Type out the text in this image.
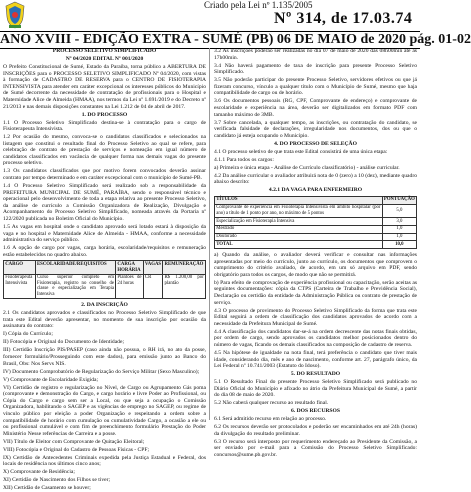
Criado pela Lei nº 1.135/2005
Nº 314, de 17.03.74
ANO XVIII - EDIÇÃO EXTRA - SUMÉ (PB) 06 DE MAIO de 2020 pág. 01-02

PROCESSO SELETIVO SIMPLIFICADO

Nº 04/2020 EDITAL Nº 001/2020

O Prefeito Constitucional de Sumé, Estado da Paraíba, torna público a ABERTURA DE INSCRIÇÕES para o PROCESSO SELETIVO SIMPLIFICADO Nº 04/2020, com vistas à formação de CADASTRO DE RESERVA para o CENTRO DE FISIOTERAPIA INTENSIVISTA para atender em caráter excepcional os interesses públicos do Município de Sumé decorrente da necessidade de contratação de profissionais para o Hospital e Maternidade Alice de Almeida (HMAA), nos termos da Lei nº 1.691/2019 e do Decreto nº 21/2013 e nas demais disposições constantes na Lei 1.212 de 04 de abril de 2017.

1. DO PROCESSO

1.1 O Processo Seletivo Simplificado destina-se à contratação para o cargo de Fisioterapeuta Intensivista.

1.2 Por ocasião do mesmo, convoca-se o candidatos classificados e selecionados na listagem que constitui o resultado final do Processo Seletivo ao qual se refere, para celebração de contrato de prestação de serviços e nomeação em igual número de candidatos classificados em vacância de qualquer forma nas demais vagas do presente processo seletivo.

1.3 Os candidatos classificados que por motivo forem convocados deverão assinar contrato por tempo determinado e em caráter excepcional com o município de Sumé-PB.

1.4 O Processo Seletivo Simplificado será realizado sob a responsabilidade da PREFEITURA MUNICIPAL DE SUMÉ, PARAÍBA, sendo o responsável técnico e operacional pelo desenvolvimento de toda a etapa relativa ao presente Processo Seletivo, da análise de currículo a Comissão Organizadora de Realização, Divulgação e Acompanhamento do Processo Seletivo Simplificado, nomeada através da Portaria nº 122/2020 publicada no Boletim Oficial do Município.

1.5 As vagas em hospital onde o candidato aprovado será lotado estará à disposição da vaga e no hospital e Maternidade Alice de Almeida - HMAA, conforme a necessidade administrativa do serviço público.

1.6 A opção de cargo por vagas, carga horária, escolaridade/requisitos e remuneração estão estabelecidos no quadro abaixo.

CARGO	ESCOLARIDADE/REQUISITOS	CARGA HORÁRIA	VAGAS	REMUNERAÇÃO
Fisioterapeuta Intensivista	Curso superior completo em Fisioterapia, registro no conselho de classe e especialização em Terapia Intensiva	Plantões de 24 horas	CR	R$ 1.200,00 por plantão

2. DA INSCRIÇÃO

2.1 Os candidatos aprovados e classificados no Processo Seletivo Simplificado de que trata este Edital deverão apresentar, no momento de sua inscrição por ocasião da assinatura do contrato:

I) Cópia do Currículo;

II) Fotocópia e Original do Documento de Identidade;

III) Certidão Inscrição PIS/PASEP (caso ainda não possua, o RH irá, no ato da posse, fornecer formulário/Prosseguindo com este dados), para emissão junto ao Banco do Brasil, Obs: Nos Servs NIS.

IV) Documento Comprobatório de Regularização do Serviço Militar (Sexo Masculino);

V) Comprovante de Escolaridade Exigida;

VI) Certidão de registro e regularização no Nível, de Cargo ou Agrupamento Gás poma (comprovante e demonstração do Cargo, e cargo horário e livre Poder ao Profissional, ou Cópia do Cargo e cargo sem ser a Local, ou que seja a ocupação o Comissão Organizadora, habilitando o SAGEP e as vigências de emprego no SAGEP, ou regime de vínculo público por eleição a poder Organização e respeitando a ordem sobre a compatibilidade de horário com cumulação ou cumulatividade Cargo, a ocasião a ele ou ou profissional cumulável e com fim de preenchimento formulário Prestação do Poder Ministério Nesse referências de Carreira e a posse.

VII) Título de Eleitor com Comprovante de Quitação Eleitoral;

VIII) Fotocópia e Original do Cadastro de Pessoas Físicas - CPF;

IX) Certidão de Antecedentes Criminais expedida pela Justiça Estadual e Federal, dos locais de residência nos últimos cinco anos;

X) Comprovante de Residência;

XI) Certidão de Nascimento dos Filhos se tiver;

XII) Certidão de Casamento se houver;

3.2 As inscrições poderão ser realizadas no dia 07 de maio de 2020 das 08h00min até às 17h00min.

3.4 Não haverá pagamento de taxa de inscrição para presente Processo Seletivo Simplificado.

3.5 Não poderão participar do presente Processo Seletivo, servidores efetivos ou que já fizeram concurso, vínculo a qualquer título com o Município de Sumé, mesmo que haja compatibilidade de cargo ou de horário.

3.6 Os documentos pessoais (RG, CPF, Comprovante de endereço) e comprovante de escolaridade e experiência na área, deverão ser digitalizados em formato PDF com tamanho máximo de 3MB.

3.7 Sobre cancelada, a qualquer tempo, as inscrições, ou contratação do candidato, se verificada falsidade de declarações, irregularidade nos documentos, dos ou que o candidato já esteja ocupando o Município.

4. DO PROCESSO DE SELEÇÃO

4.1 O processo seletivo de que trata este Edital consistirá de uma única etapa:

4.1.1 Para todos os cargos:

a) Primeira e única etapa - Análise de Currículo classificatório) - análise curricular.

4.2 Da análise curricular o avaliador atribuirá nota de 0 (zero) a 10 (dez), mediante quadro abaixo descrito:

4.2.1 DA VAGA PARA ENFERMEIRO

TÍTULOS	PONTUAÇÃO
Comprovante de experiência em Fisioterapia Intensivista em âmbito hospitalar (por ano) a título de 1 ponto por ano, no máximo de 5 pontos	5,0
Especialização em Fisioterapia Intensiva	3,0
Mestrado	1,0
Doutorado	1,0
TOTAL	10,0

a) Quando da análise, o avaliador deverá verificar e consultar nas informações apresentadas por meio do currículo, junto ao currículo, os documentos que comprovem o cumprimento do critério avaliado, de acordo, em um só arquivo em PDF, sendo obrigatório para todos os cargos, de modo que não se permitirá.

b) Para efeito de comprovação de experiência profissional ou capacitação, serão aceitas as seguintes documentações: cópia da CTPS (Carteira de Trabalho e Previdência Social), Declaração ou certidão da entidade da Administração Pública ou contrato de prestação de serviço.

4.3 O processo de provimento do Processo Seletivo Simplificado da forma que trata este Edital seguirá a ordem de classificação dos candidatos aprovados de acordo com a necessidade da Prefeitura Municipal de Sumé.

4.4 A classificação dos candidatos dar-se-á na ordem decrescente das notas finais obtidas, por ordem de cargo, sendo aprovados os candidatos melhor posicionados dentro do número de vagas, ficando os demais classificados na composição de cadastro de reserva.

4.5 Na hipótese de igualdade na nota final, terá preferência o candidato que tiver mais idade, considerando dia, mês e ano de nascimento, conforme art. 27, parágrafo único, da Lei Federal nº 10.741/2003 (Estatuto do Idoso).

5. DO RESULTADO

5.1 O Resultado Final do presente Processo Seletivo Simplificado será publicado no Diário Oficial do Município e afixado no átrio da Prefeitura Municipal de Sumé, a partir do dia 08 de maio de 2020.

5.2 Não caberá qualquer recurso ao resultado final.

6. DOS RECURSOS

6.1 Será admitido recurso em relação ao processo.

6.2 Os recursos deverão ser protocolados e poderão ser encaminhados em até 24h (horas) da divulgação do resultado preliminar.

6.3 O recurso será interposto por requerimento endereçado ao Presidente da Comissão, a ser enviado por e-mail para a Comissão do Processo Seletivo Simplificado: concursos@sume.pb.gov.br.
